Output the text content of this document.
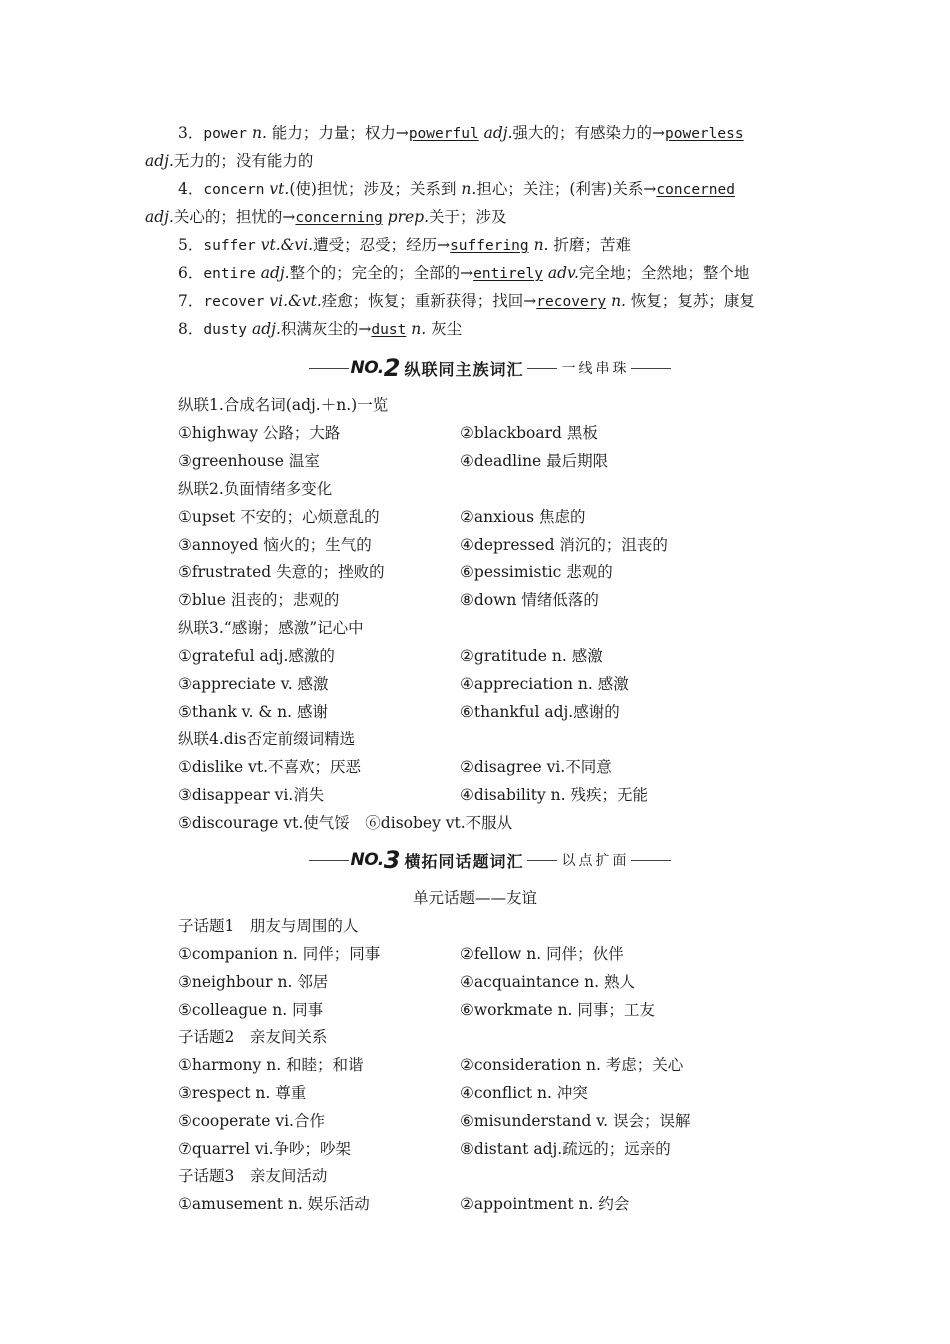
3．power n. 能力；力量；权力→powerful adj.强大的；有感染力的→powerless
adj.无力的；没有能力的
4．concern vt.(使)担忧；涉及；关系到 n.担心；关注；(利害)关系→concerned
adj.关心的；担忧的→concerning prep.关于；涉及
5．suffer vt.&vi.遭受；忍受；经历→suffering n. 折磨；苦难
6．entire adj.整个的；完全的；全部的→entirely adv.完全地；全然地；整个地
7．recover vi.&vt.痊愈；恢复；重新获得；找回→recovery n. 恢复；复苏；康复
8．dusty adj.积满灰尘的→dust n. 灰尘
NO. 2 纵联同主族词汇	一线串珠
纵联1.合成名词(adj.＋n.)一览
①highway 公路；大路	②blackboard 黑板
③greenhouse 温室	④deadline 最后期限
纵联2.负面情绪多变化
①upset 不安的；心烦意乱的	②anxious 焦虑的
③annoyed 恼火的；生气的	④depressed 消沉的；沮丧的
⑤frustrated 失意的；挫败的	⑥pessimistic 悲观的
⑦blue 沮丧的；悲观的	⑧down 情绪低落的
纵联3.“感谢；感激”记心中
①grateful adj.感激的	②gratitude n. 感激
③appreciate v. 感激	④appreciation n. 感激
⑤thank v. & n. 感谢	⑥thankful adj.感谢的
纵联4.dis否定前缀词精选
①dislike vt.不喜欢；厌恶	②disagree vi.不同意
③disappear vi.消失	④disability n. 残疾；无能
⑤discourage vt.使气馁　⑥disobey vt.不服从
NO. 3 横拓同话题词汇	以点扩面
单元话题——友谊
子话题1　朋友与周围的人
①companion n. 同伴；同事	②fellow n. 同伴；伙伴
③neighbour n. 邻居	④acquaintance n. 熟人
⑤colleague n. 同事	⑥workmate n. 同事；工友
子话题2　亲友间关系
①harmony n. 和睦；和谐	②consideration n. 考虑；关心
③respect n. 尊重	④conflict n. 冲突
⑤cooperate vi.合作	⑥misunderstand v. 误会；误解
⑦quarrel vi.争吵；吵架	⑧distant adj.疏远的；远亲的
子话题3　亲友间活动
①amusement n. 娱乐活动	②appointment n. 约会
